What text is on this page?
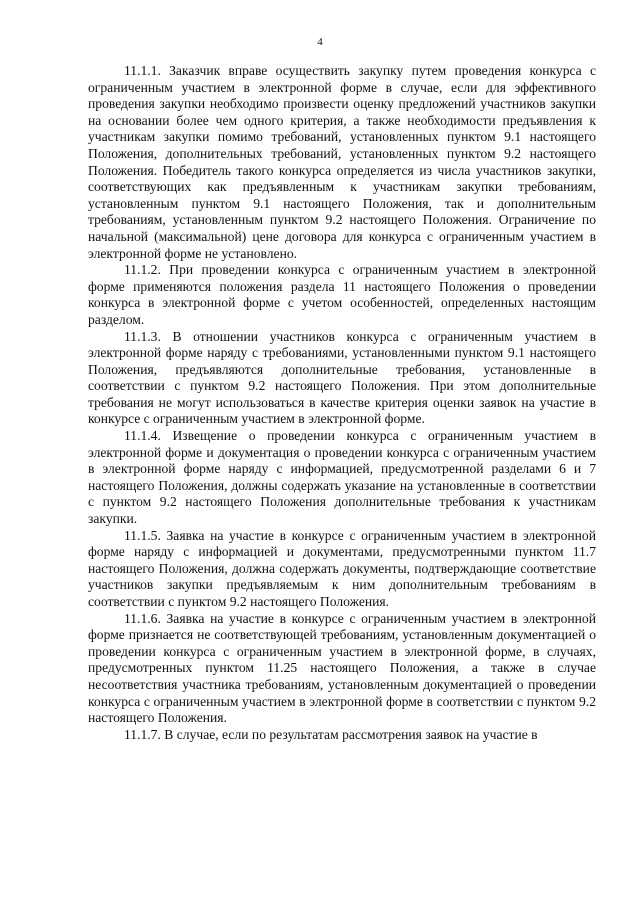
4

11.1.1. Заказчик вправе осуществить закупку путем проведения конкурса с ограниченным участием в электронной форме в случае, если для эффективного проведения закупки необходимо произвести оценку предложений участников закупки на основании более чем одного критерия, а также необходимости предъявления к участникам закупки помимо требований, установленных пунктом 9.1 настоящего Положения, дополнительных требований, установленных пунктом 9.2 настоящего Положения. Победитель такого конкурса определяется из числа участников закупки, соответствующих как предъявленным к участникам закупки требованиям, установленным пунктом 9.1 настоящего Положения, так и дополнительным требованиям, установленным пунктом 9.2 настоящего Положения. Ограничение по начальной (максимальной) цене договора для конкурса с ограниченным участием в электронной форме не установлено.

11.1.2. При проведении конкурса с ограниченным участием в электронной форме применяются положения раздела 11 настоящего Положения о проведении конкурса в электронной форме с учетом особенностей, определенных настоящим разделом.

11.1.3. В отношении участников конкурса с ограниченным участием в электронной форме наряду с требованиями, установленными пунктом 9.1 настоящего Положения, предъявляются дополнительные требования, установленные в соответствии с пунктом 9.2 настоящего Положения. При этом дополнительные требования не могут использоваться в качестве критерия оценки заявок на участие в конкурсе с ограниченным участием в электронной форме.

11.1.4. Извещение о проведении конкурса с ограниченным участием в электронной форме и документация о проведении конкурса с ограниченным участием в электронной форме наряду с информацией, предусмотренной разделами 6 и 7 настоящего Положения, должны содержать указание на установленные в соответствии с пунктом 9.2 настоящего Положения дополнительные требования к участникам закупки.

11.1.5. Заявка на участие в конкурсе с ограниченным участием в электронной форме наряду с информацией и документами, предусмотренными пунктом 11.7 настоящего Положения, должна содержать документы, подтверждающие соответствие участников закупки предъявляемым к ним дополнительным требованиям в соответствии с пунктом 9.2 настоящего Положения.

11.1.6. Заявка на участие в конкурсе с ограниченным участием в электронной форме признается не соответствующей требованиям, установленным документацией о проведении конкурса с ограниченным участием в электронной форме, в случаях, предусмотренных пунктом 11.25 настоящего Положения, а также в случае несоответствия участника требованиям, установленным документацией о проведении конкурса с ограниченным участием в электронной форме в соответствии с пунктом 9.2 настоящего Положения.

11.1.7. В случае, если по результатам рассмотрения заявок на участие в
